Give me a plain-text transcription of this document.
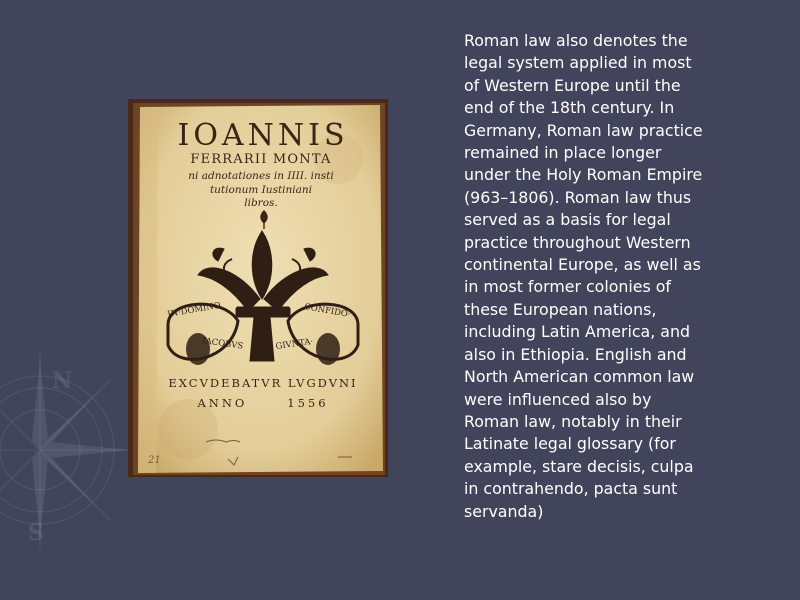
N
S
IOANNIS
FERRARII MONTA
ni adnotationes in IIII. insti
tutionum Iustiniani
libros.
IN·DOMINO	CONFIDO·
IACOBVS	GIVNTA·
EXCVDEBATVR LVGDVNI
ANNO      1556
21

Roman law also denotes the
legal system applied in most
of Western Europe until the
end of the 18th century. In
Germany, Roman law practice
remained in place longer
under the Holy Roman Empire
(963–1806). Roman law thus
served as a basis for legal
practice throughout Western
continental Europe, as well as
in most former colonies of
these European nations,
including Latin America, and
also in Ethiopia. English and
North American common law
were influenced also by
Roman law, notably in their
Latinate legal glossary (for
example, stare decisis, culpa
in contrahendo, pacta sunt
servanda)
